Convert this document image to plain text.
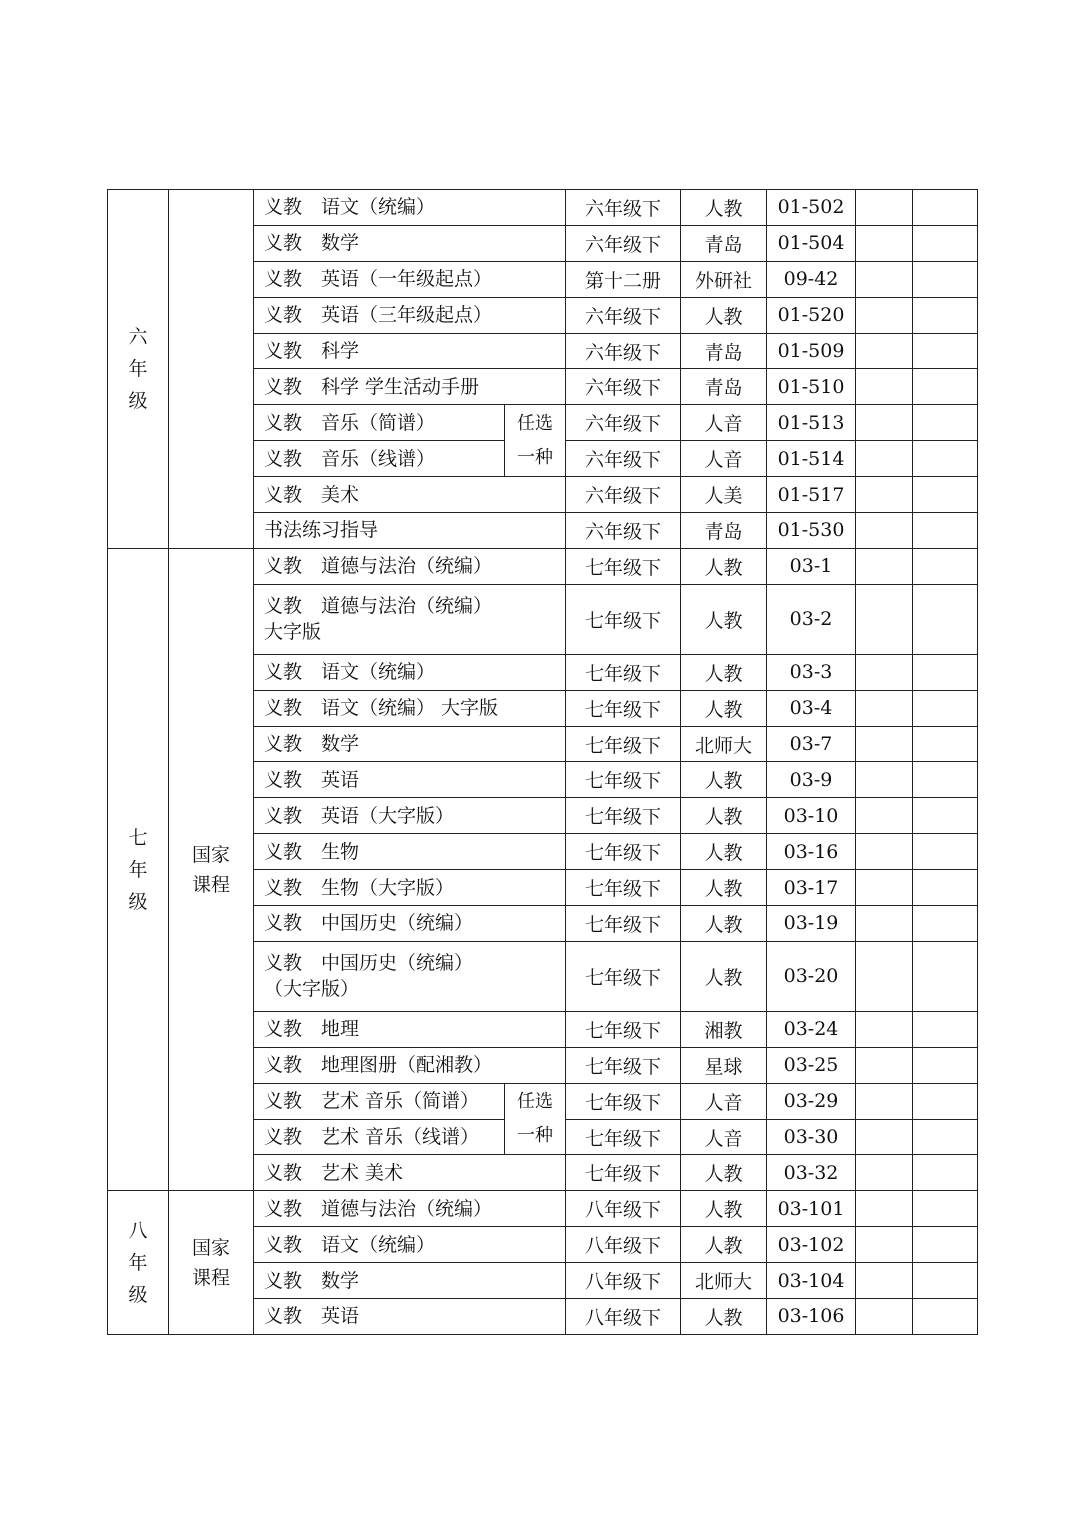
六年级		义教　语文（统编）		六年级下	人教	01-502		

		义教　数学		六年级下	青岛	01-504		

		义教　英语（一年级起点）		第十二册	外研社	09-42		

		义教　英语（三年级起点）		六年级下	人教	01-520		

		义教　科学		六年级下	青岛	01-509		

		义教　科学 学生活动手册		六年级下	青岛	01-510		

		义教　音乐（简谱）	任选一种	六年级下	人音	01-513		

		义教　音乐（线谱）		六年级下	人音	01-514		

		义教　美术		六年级下	人美	01-517		

		书法练习指导		六年级下	青岛	01-530		
七年级	国家课程	义教　道德与法治（统编）		七年级下	人教	03-1		

		义教　道德与法治（统编）
大字版		七年级下	人教	03-2		

		义教　语文（统编）		七年级下	人教	03-3		

		义教　语文（统编） 大字版		七年级下	人教	03-4		

		义教　数学		七年级下	北师大	03-7		

		义教　英语		七年级下	人教	03-9		

		义教　英语（大字版）		七年级下	人教	03-10		

		义教　生物		七年级下	人教	03-16		

		义教　生物（大字版）		七年级下	人教	03-17		

		义教　中国历史（统编）		七年级下	人教	03-19		

		义教　中国历史（统编）
（大字版）		七年级下	人教	03-20		

		义教　地理		七年级下	湘教	03-24		

		义教　地理图册（配湘教）		七年级下	星球	03-25		

		义教　艺术 音乐（简谱）	任选一种	七年级下	人音	03-29		

		义教　艺术 音乐（线谱）		七年级下	人音	03-30		

		义教　艺术 美术		七年级下	人教	03-32		
八年级	国家课程	义教　道德与法治（统编）		八年级下	人教	03-101		

		义教　语文（统编）		八年级下	人教	03-102		

		义教　数学		八年级下	北师大	03-104		

		义教　英语		八年级下	人教	03-106		
